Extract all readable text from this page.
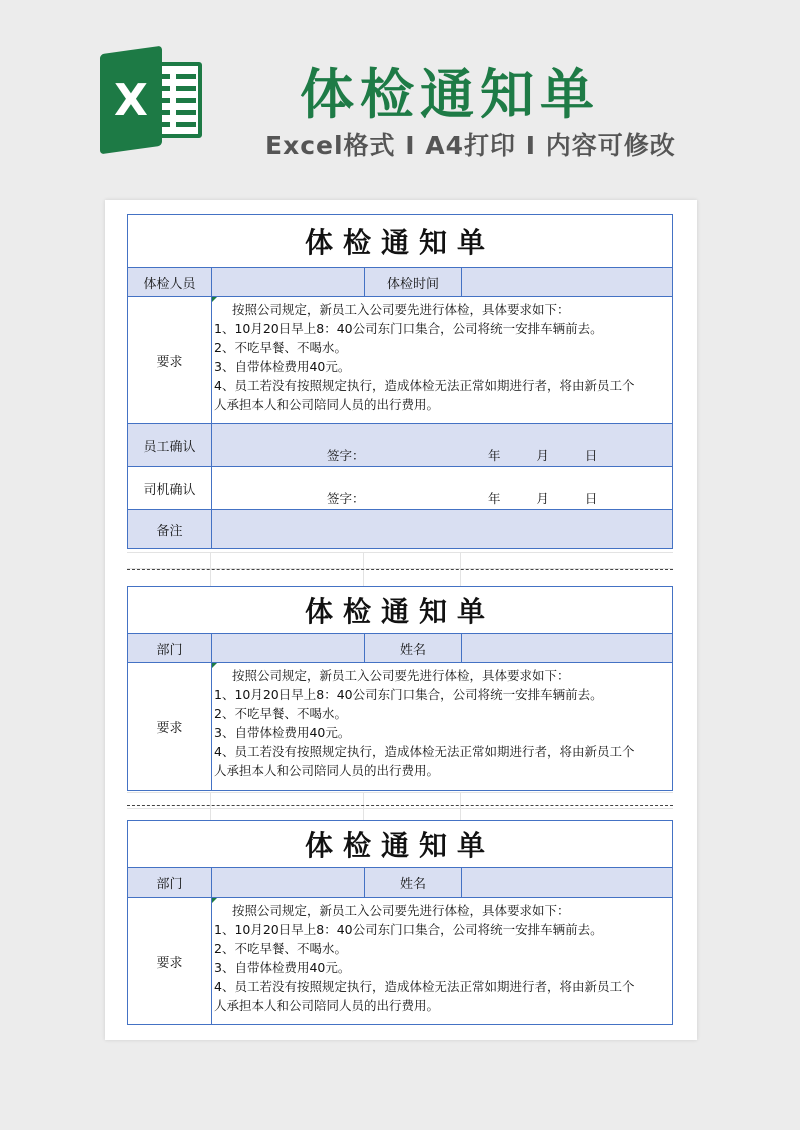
X	体检通知单
Excel格式 I A4打印 I 内容可修改
体检通知单
体检人员	体检时间
要求
按照公司规定，新员工入公司要先进行体检，具体要求如下：
1、10月20日早上8：40公司东门口集合，公司将统一安排车辆前去。
2、不吃早餐、不喝水。
3、自带体检费用40元。
4、员工若没有按照规定执行，造成体检无法正常如期进行者，将由新员工个
人承担本人和公司陪同人员的出行费用。
员工确认
签字：	年   月   日
司机确认
签字：	年   月   日
备注
体检通知单
部门	姓名
要求
按照公司规定，新员工入公司要先进行体检，具体要求如下：
1、10月20日早上8：40公司东门口集合，公司将统一安排车辆前去。
2、不吃早餐、不喝水。
3、自带体检费用40元。
4、员工若没有按照规定执行，造成体检无法正常如期进行者，将由新员工个
人承担本人和公司陪同人员的出行费用。
体检通知单
部门	姓名
要求
按照公司规定，新员工入公司要先进行体检，具体要求如下：
1、10月20日早上8：40公司东门口集合，公司将统一安排车辆前去。
2、不吃早餐、不喝水。
3、自带体检费用40元。
4、员工若没有按照规定执行，造成体检无法正常如期进行者，将由新员工个
人承担本人和公司陪同人员的出行费用。
